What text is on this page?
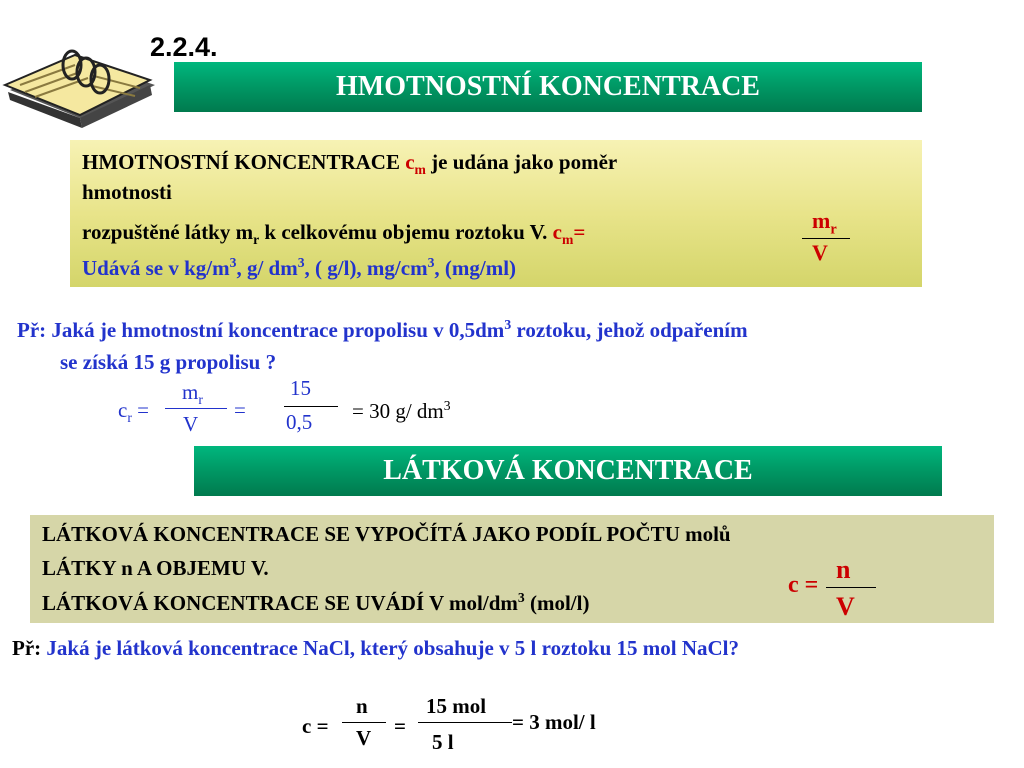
2.2.4.
HMOTNOSTNÍ KONCENTRACE
HMOTNOSTNÍ KONCENTRACE $c_m$ je udána jako poměr
hmotnosti
rozpuštěné látky $m_r$ k celkovému objemu roztoku V. $c_m=$	$m_r$
V
Udává se v $kg/m^3$, g/ $dm^3$, ( g/l), $mg/cm^3$, (mg/ml)
Př: Jaká je hmotnostní koncentrace propolisu v $0,5dm^3$ roztoku, jehož odpařením
se získá 15 g propolisu ?
$c_r$ =
$m_r$
V
=
15
0,5 = 30 g/ $dm^3$
LÁTKOVÁ KONCENTRACE
LÁTKOVÁ KONCENTRACE SE VYPOČÍTÁ JAKO PODÍL POČTU molů
LÁTKY n A OBJEMU V.
LÁTKOVÁ KONCENTRACE SE UVÁDÍ V mol/$dm^3$ (mol/l)
c =
n
V
Př: Jaká je látková koncentrace NaCl, který obsahuje v 5 l roztoku 15 mol NaCl?
c =
n
V =
15 mol
5 l
= 3 mol/ l
